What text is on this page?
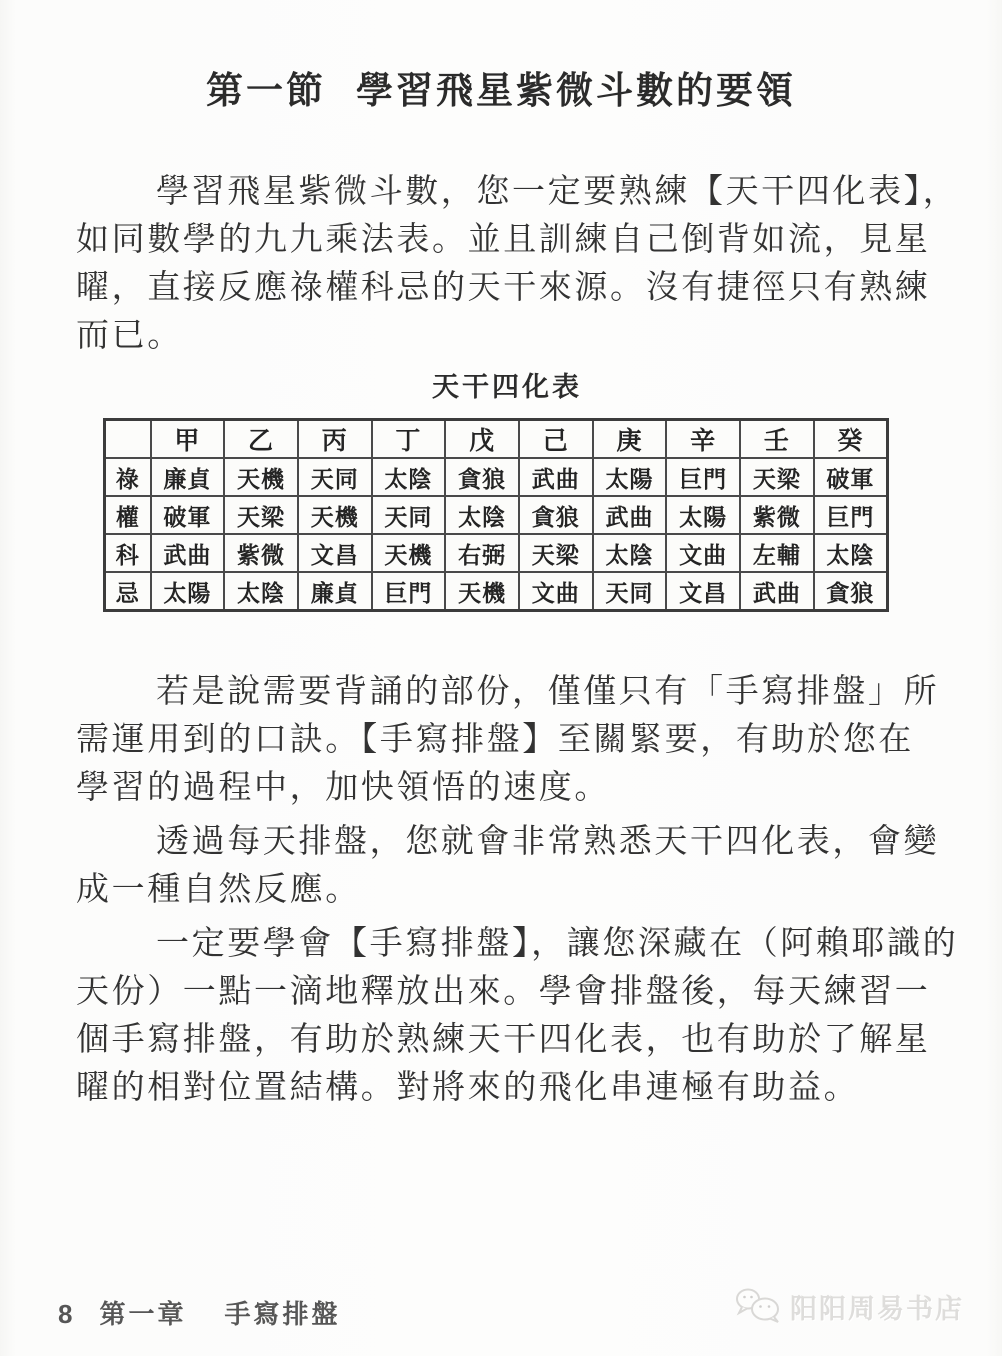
第一節 學習飛星紫微斗數的要領
學習飛星紫微斗數，您一定要熟練【天干四化表】，
如同數學的九九乘法表。並且訓練自己倒背如流，見星
曜，直接反應祿權科忌的天干來源。沒有捷徑只有熟練
而已。
天干四化表
	甲	乙	丙	丁	戊	己	庚	辛	壬	癸
祿	廉貞	天機	天同	太陰	貪狼	武曲	太陽	巨門	天梁	破軍
權	破軍	天梁	天機	天同	太陰	貪狼	武曲	太陽	紫微	巨門
科	武曲	紫微	文昌	天機	右弼	天梁	太陰	文曲	左輔	太陰
忌	太陽	太陰	廉貞	巨門	天機	文曲	天同	文昌	武曲	貪狼
若是說需要背誦的部份，僅僅只有「手寫排盤」所
需運用到的口訣。【手寫排盤】至關緊要，有助於您在
學習的過程中，加快領悟的速度。
透過每天排盤，您就會非常熟悉天干四化表，會變
成一種自然反應。
一定要學會【手寫排盤】，讓您深藏在（阿賴耶識的
天份）一點一滴地釋放出來。學會排盤後，每天練習一
個手寫排盤，有助於熟練天干四化表，也有助於了解星
曜的相對位置結構。對將來的飛化串連極有助益。
8 第一章 手寫排盤	阳阳周易书店
